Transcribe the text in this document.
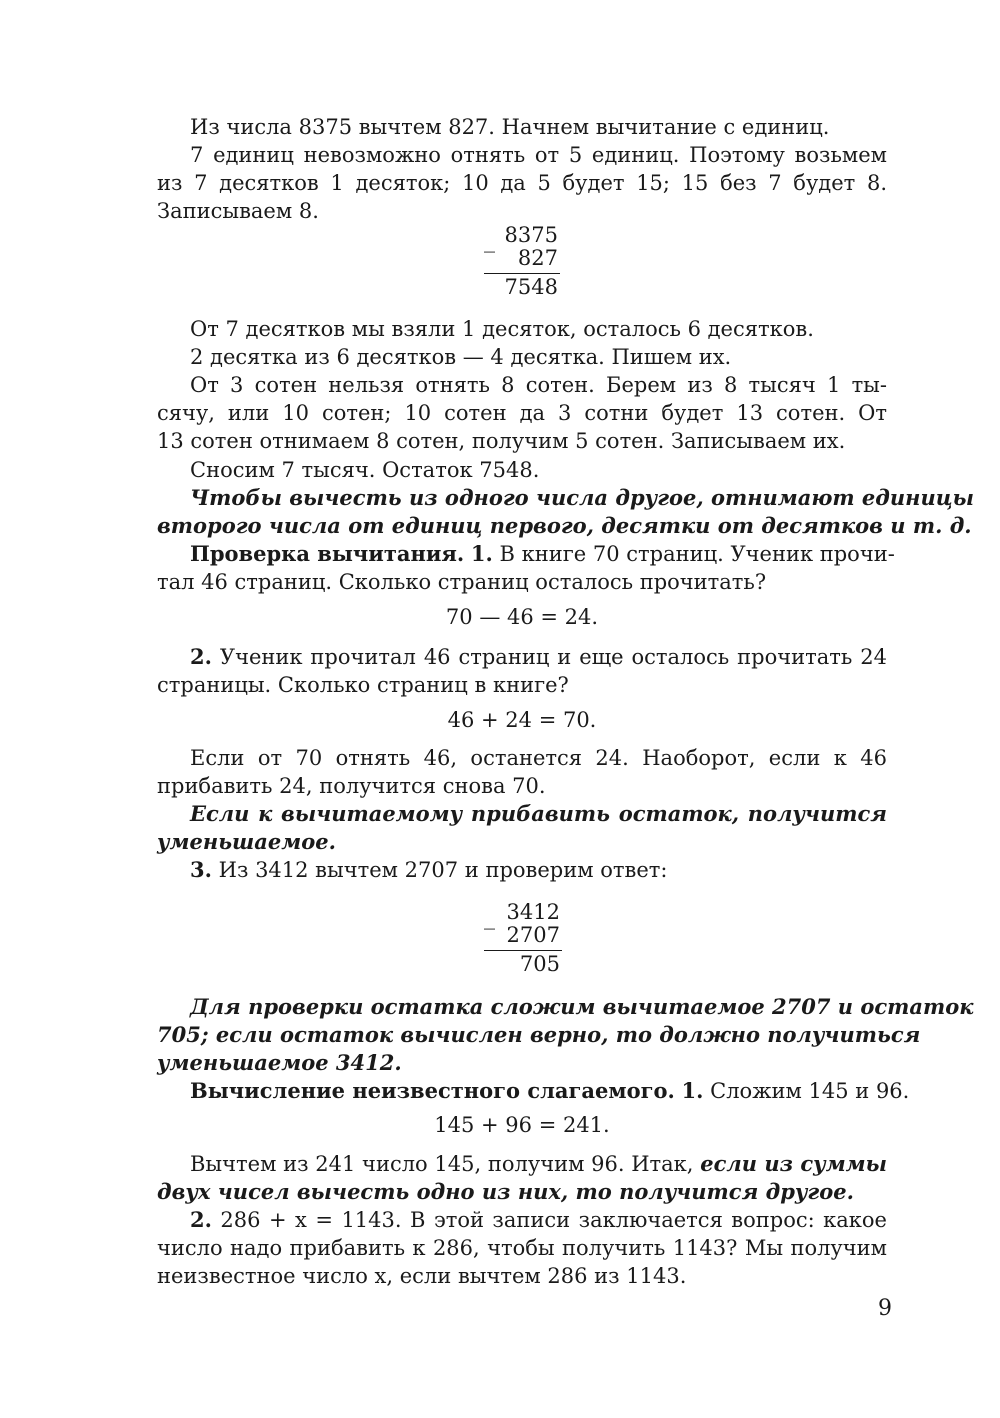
Из числа 8375 вычтем 827. Начнем вычитание с единиц.
7 единиц невозможно отнять от 5 единиц. Поэтому возьмем
из 7 десятков 1 десяток; 10 да 5 будет 15; 15 без 7 будет 8.
Записываем 8.
_ 8375
827
7548
От 7 десятков мы взяли 1 десяток, осталось 6 десятков.
2 десятка из 6 десятков — 4 десятка. Пишем их.
От 3 сотен нельзя отнять 8 сотен. Берем из 8 тысяч 1 ты-
сячу, или 10 сотен; 10 сотен да 3 сотни будет 13 сотен. От
13 сотен отнимаем 8 сотен, получим 5 сотен. Записываем их.
Сносим 7 тысяч. Остаток 7548.
Чтобы вычесть из одного числа другое, отнимают единицы
второго числа от единиц первого, десятки от десятков и т. д.
Проверка вычитания. 1. В книге 70 страниц. Ученик прочи-
тал 46 страниц. Сколько страниц осталось прочитать?
70 — 46 = 24.
2. Ученик прочитал 46 страниц и еще осталось прочитать 24
страницы. Сколько страниц в книге?
46 + 24 = 70.
Если от 70 отнять 46, останется 24. Наоборот, если к 46
прибавить 24, получится снова 70.
Если к вычитаемому прибавить остаток, получится
уменьшаемое.
3. Из 3412 вычтем 2707 и проверим ответ:
_ 3412
2707
705
Для проверки остатка сложим вычитаемое 2707 и остаток
705; если остаток вычислен верно, то должно получиться
уменьшаемое 3412.
Вычисление неизвестного слагаемого. 1. Сложим 145 и 96.
145 + 96 = 241.
Вычтем из 241 число 145, получим 96. Итак, если из суммы
двух чисел вычесть одно из них, то получится другое.
2. 286 + x = 1143. В этой записи заключается вопрос: какое
число надо прибавить к 286, чтобы получить 1143? Мы получим
неизвестное число x, если вычтем 286 из 1143.
9
